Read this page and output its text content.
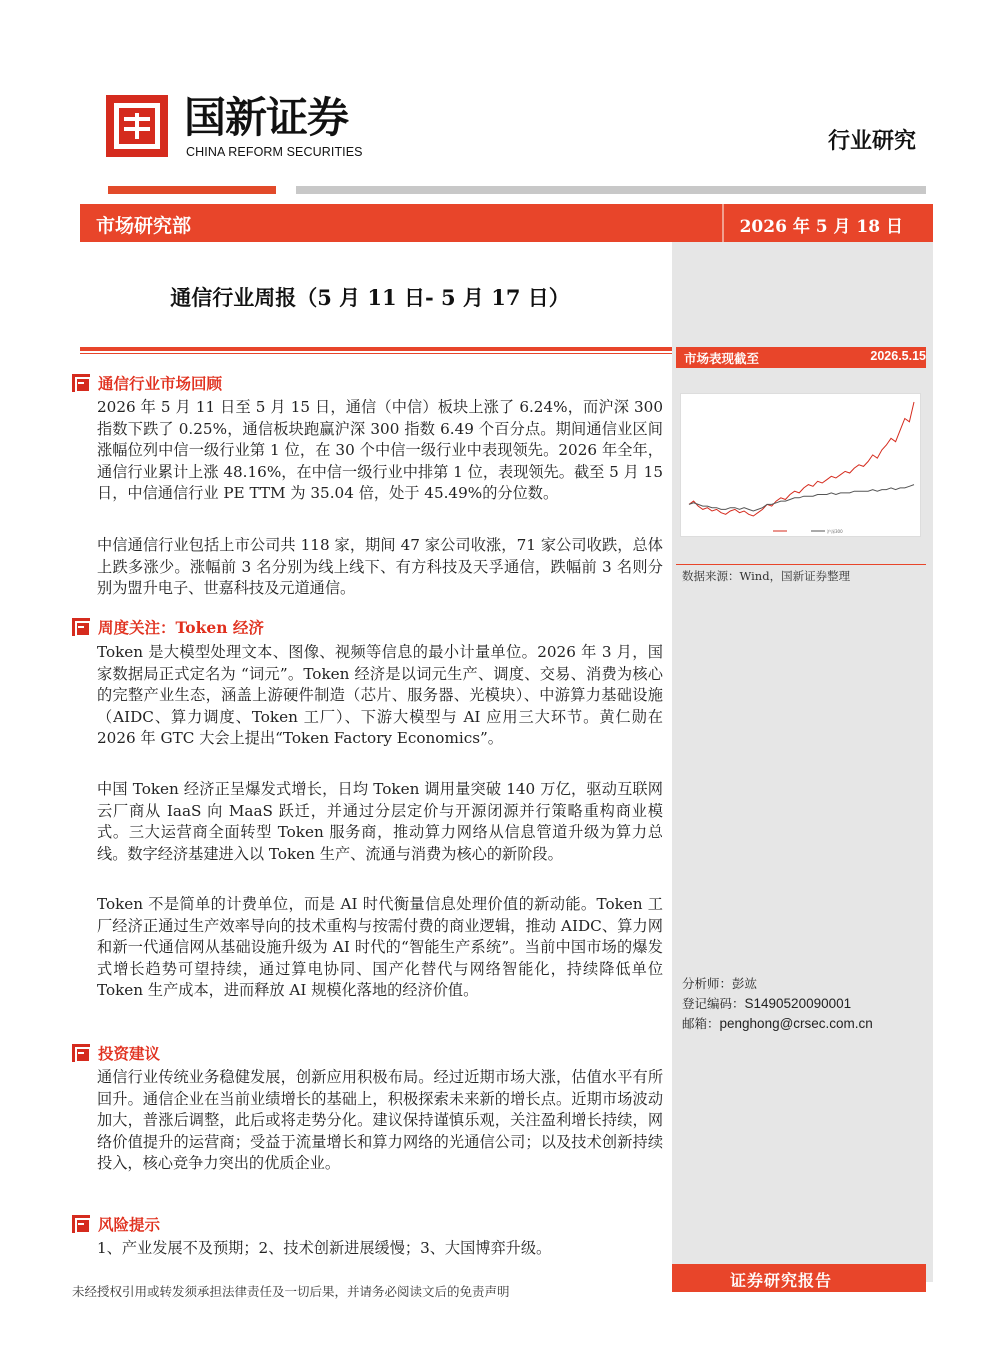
国新证券
CHINA REFORM SECURITIES	行业研究
市场研究部	2026 年 5 月 18 日
通信行业周报（5 月 11 日- 5 月 17 日）
市场表现截至	2026.5.15
沪深300
数据来源：Wind，国新证券整理
分析师：彭竑
登记编码：S1490520090001
邮箱：penghong@crsec.com.cn
通信行业市场回顾
2026 年 5 月 11 日至 5 月 15 日，通信（中信）板块上涨了 6.24%，而沪深 300 指数下跌了 0.25%，通信板块跑赢沪深 300 指数 6.49 个百分点。期间通信业区间涨幅位列中信一级行业第 1 位，在 30 个中信一级行业中表现领先。2026 年全年，通信行业累计上涨 48.16%，在中信一级行业中排第 1 位，表现领先。截至 5 月 15 日，中信通信行业 PE TTM 为 35.04 倍，处于 45.49%的分位数。
中信通信行业包括上市公司共 118 家，期间 47 家公司收涨，71 家公司收跌，总体上跌多涨少。涨幅前 3 名分别为线上线下、有方科技及天孚通信，跌幅前 3 名则分别为盟升电子、世嘉科技及元道通信。
周度关注：Token 经济
Token 是大模型处理文本、图像、视频等信息的最小计量单位。2026 年 3 月，国家数据局正式定名为 “词元”。Token 经济是以词元生产、调度、交易、消费为核心的完整产业生态，涵盖上游硬件制造（芯片、服务器、光模块）、中游算力基础设施（AIDC、算力调度、Token 工厂）、下游大模型与 AI 应用三大环节。黄仁勋在 2026 年 GTC 大会上提出“Token Factory Economics”。
中国 Token 经济正呈爆发式增长，日均 Token 调用量突破 140 万亿，驱动互联网云厂商从 IaaS 向 MaaS 跃迁，并通过分层定价与开源闭源并行策略重构商业模式。三大运营商全面转型 Token 服务商，推动算力网络从信息管道升级为算力总线。数字经济基建进入以 Token 生产、流通与消费为核心的新阶段。
Token 不是简单的计费单位，而是 AI 时代衡量信息处理价值的新动能。Token 工厂经济正通过生产效率导向的技术重构与按需付费的商业逻辑，推动 AIDC、算力网和新一代通信网从基础设施升级为 AI 时代的“智能生产系统”。当前中国市场的爆发式增长趋势可望持续，通过算电协同、国产化替代与网络智能化，持续降低单位 Token 生产成本，进而释放 AI 规模化落地的经济价值。
投资建议
通信行业传统业务稳健发展，创新应用积极布局。经过近期市场大涨，估值水平有所回升。通信企业在当前业绩增长的基础上，积极探索未来新的增长点。近期市场波动加大，普涨后调整，此后或将走势分化。建议保持谨慎乐观，关注盈利增长持续，网络价值提升的运营商；受益于流量增长和算力网络的光通信公司；以及技术创新持续投入，核心竞争力突出的优质企业。
风险提示
1、产业发展不及预期；2、技术创新进展缓慢；3、大国博弈升级。
未经授权引用或转发须承担法律责任及一切后果，并请务必阅读文后的免责声明
证券研究报告
